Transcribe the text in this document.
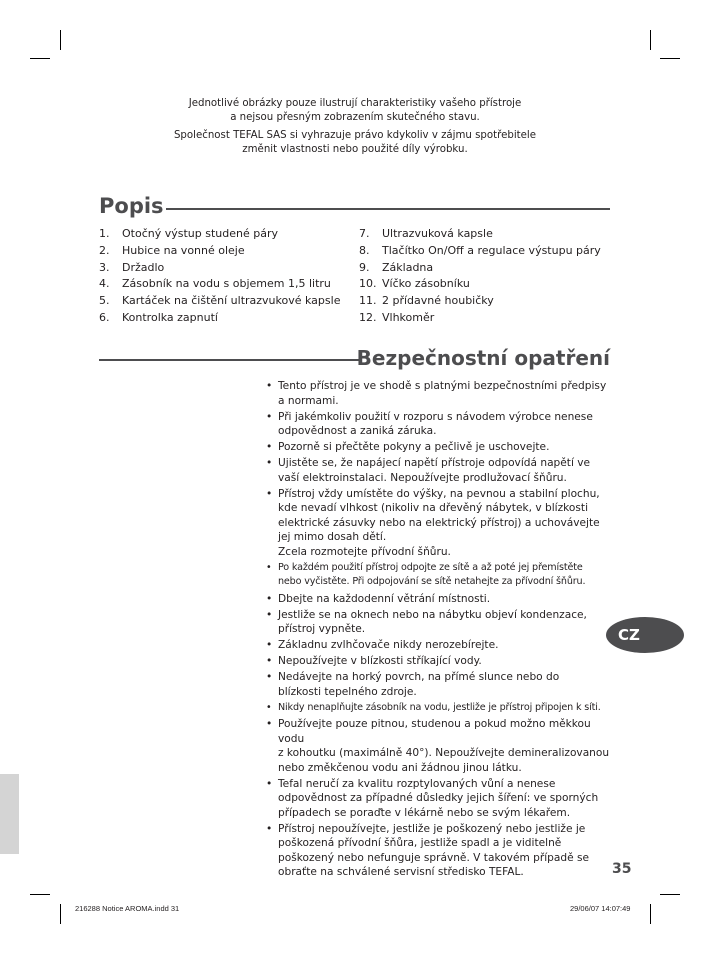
Jednotlivé obrázky pouze ilustrují charakteristiky vašeho přístroje
a nejsou přesným zobrazením skutečného stavu.
Společnost TEFAL SAS si vyhrazuje právo kdykoliv v zájmu spotřebitele
změnit vlastnosti nebo použité díly výrobku.
Popis
1. Otočný výstup studené páry
2. Hubice na vonné oleje
3. Držadlo
4. Zásobník na vodu s objemem 1,5 litru
5. Kartáček na čištění ultrazvukové kapsle
6. Kontrolka zapnutí
7. Ultrazvuková kapsle
8. Tlačítko On/Off a regulace výstupu páry
9. Základna
10. Víčko zásobníku
11. 2 přídavné houbičky
12. Vlhkoměr
Bezpečnostní opatření
• Tento přístroj je ve shodě s platnými bezpečnostními předpisy
a normami.
• Při jakémkoliv použití v rozporu s návodem výrobce nenese
odpovědnost a zaniká záruka.
• Pozorně si přečtěte pokyny a pečlivě je uschovejte.
• Ujistěte se, že napájecí napětí přístroje odpovídá napětí ve
vaší elektroinstalaci. Nepoužívejte prodlužovací šňůru.
• Přístroj vždy umístěte do výšky, na pevnou a stabilní plochu,
kde nevadí vlhkost (nikoliv na dřevěný nábytek, v blízkosti
elektrické zásuvky nebo na elektrický přístroj) a uchovávejte
jej mimo dosah dětí.
Zcela rozmotejte přívodní šňůru.
• Po každém použití přístroj odpojte ze sítě a až poté jej přemístěte
nebo vyčistěte. Při odpojování se sítě netahejte za přívodní šňůru.
• Dbejte na každodenní větrání místnosti.
• Jestliže se na oknech nebo na nábytku objeví kondenzace,
přístroj vypněte.
• Základnu zvlhčovače nikdy nerozebírejte.
• Nepoužívejte v blízkosti stříkající vody.
• Nedávejte na horký povrch, na přímé slunce nebo do
blízkosti tepelného zdroje.
• Nikdy nenaplňujte zásobník na vodu, jestliže je přístroj připojen k síti.
• Používejte pouze pitnou, studenou a pokud možno měkkou vodu
z kohoutku (maximálně 40°). Nepoužívejte demineralizovanou
nebo změkčenou vodu ani žádnou jinou látku.
• Tefal neručí za kvalitu rozptylovaných vůní a nenese
odpovědnost za případné důsledky jejich šíření: ve sporných
případech se poraďte v lékárně nebo se svým lékařem.
• Přístroj nepoužívejte, jestliže je poškozený nebo jestliže je
poškozená přívodní šňůra, jestliže spadl a je viditelně
poškozený nebo nefunguje správně. V takovém případě se
obraťte na schválené servisní středisko TEFAL.
CZ
35
216288 Notice AROMA.indd 31	29/06/07 14:07:49
